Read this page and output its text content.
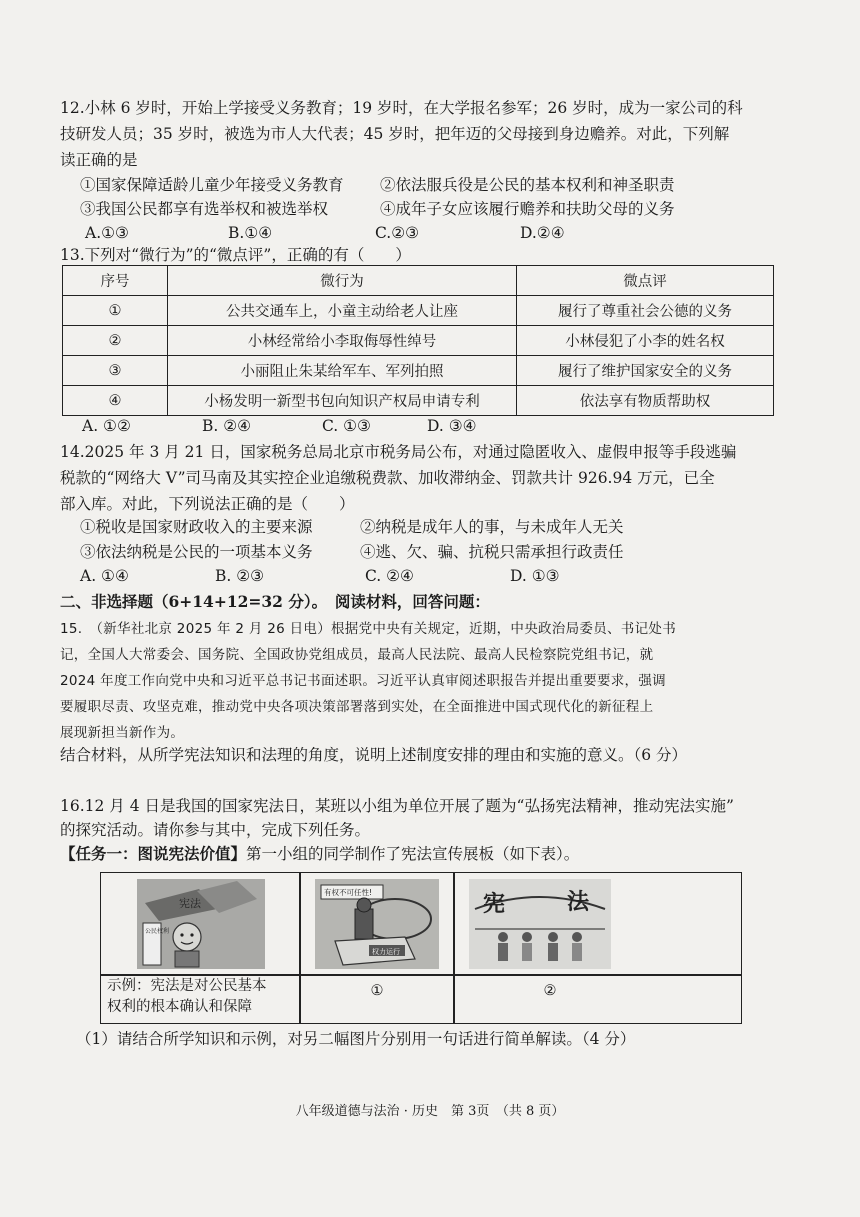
12.小林 6 岁时，开始上学接受义务教育；19 岁时，在大学报名参军；26 岁时，成为一家公司的科
技研发人员；35 岁时，被选为市人大代表；45 岁时，把年迈的父母接到身边赡养。对此，下列解
读正确的是
①国家保障适龄儿童少年接受义务教育 ②依法服兵役是公民的基本权利和神圣职责
③我国公民都享有选举权和被选举权	④成年子女应该履行赡养和扶助父母的义务
A.①③	B.①④	C.②③	D.②④
13.下列对“微行为”的“微点评”，正确的有（　　）
序号	微行为	微点评
①	公共交通车上，小童主动给老人让座	履行了尊重社会公德的义务
②	小林经常给小李取侮辱性绰号	小林侵犯了小李的姓名权
③	小丽阻止朱某给军车、军列拍照	履行了维护国家安全的义务
④	小杨发明一新型书包向知识产权局申请专利	依法享有物质帮助权
A. ①②	B. ②④	C. ①③	D. ③④
14.2025 年 3 月 21 日，国家税务总局北京市税务局公布，对通过隐匿收入、虚假申报等手段逃骗
税款的“网络大 V”司马南及其实控企业追缴税费款、加收滞纳金、罚款共计 926.94 万元，已全
部入库。对此，下列说法正确的是（　　）
①税收是国家财政收入的主要来源	②纳税是成年人的事，与未成年人无关
③依法纳税是公民的一项基本义务	④逃、欠、骗、抗税只需承担行政责任
A. ①④	B. ②③	C. ②④	D. ①③
二、非选择题（6+14+12=32 分）。　阅读材料，回答问题：
15.　（新华社北京 2025 年 2 月 26 日电）根据党中央有关规定，近期，中央政治局委员、书记处书
记，全国人大常委会、国务院、全国政协党组成员，最高人民法院、最高人民检察院党组书记，就
2024 年度工作向党中央和习近平总书记书面述职。习近平认真审阅述职报告并提出重要要求，强调
要履职尽责、攻坚克难，推动党中央各项决策部署落到实处，在全面推进中国式现代化的新征程上
展现新担当新作为。
结合材料，从所学宪法知识和法理的角度，说明上述制度安排的理由和实施的意义。（6 分）
16.12 月 4 日是我国的国家宪法日，某班以小组为单位开展了题为“弘扬宪法精神，推动宪法实施”
的探究活动。请你参与其中，完成下列任务。
【任务一：图说宪法价值】第一小组的同学制作了宪法宣传展板（如下表）。
宪法
公民权利
有权不可任性!
权力运行
宪	法
示例：宪法是对公民基本
权利的根本确认和保障
①	②
（1）请结合所学知识和示例，对另二幅图片分别用一句话进行简单解读。（4 分）
八年级道德与法治 · 历史　第 3页　（共 8 页）
